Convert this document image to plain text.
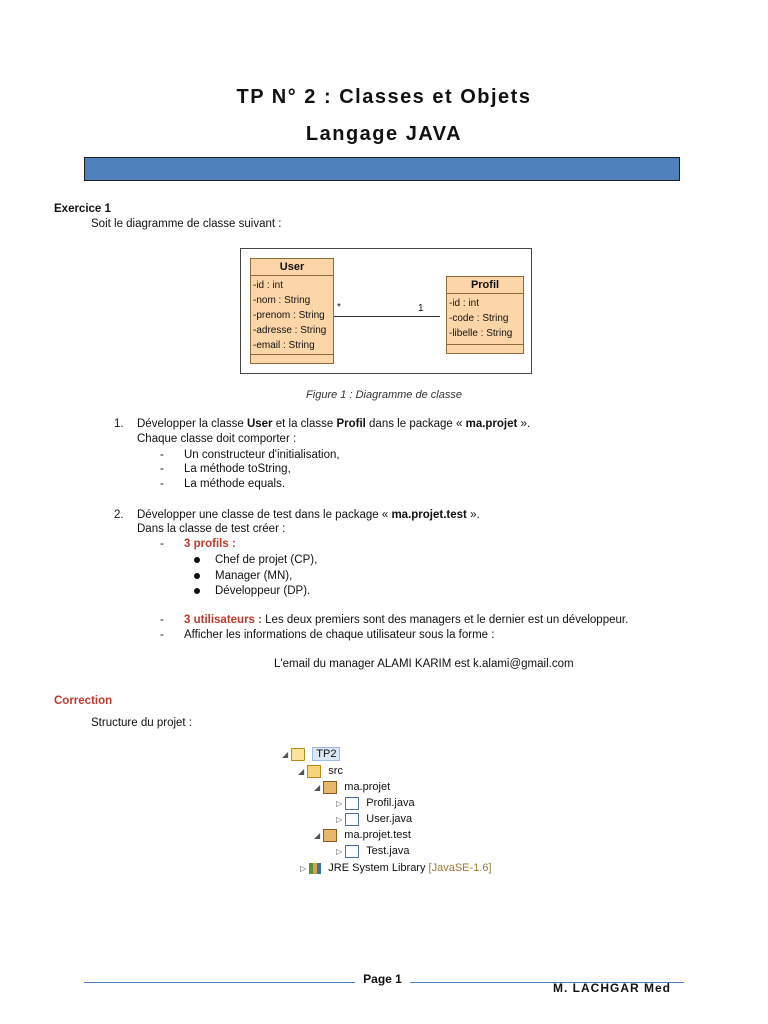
TP N° 2 : Classes et Objets
Langage JAVA
Exercice 1
Soit le diagramme de classe suivant :
User
-id : int
-nom : String
-prenom : String
-adresse : String
-email : String
*	1
Profil
-id : int
-code : String
-libelle : String
Figure 1 : Diagramme de classe
1. Développer la classe User et la classe Profil dans le package « ma.projet ».
Chaque classe doit comporter :
- Un constructeur d'initialisation,
- La méthode toString,
- La méthode equals.
2. Développer une classe de test dans le package « ma.projet.test ».
Dans la classe de test créer :
- 3 profils :
Chef de projet (CP),
Manager (MN),
Développeur (DP).
- 3 utilisateurs : Les deux premiers sont des managers et le dernier est un développeur.
- Afficher les informations de chaque utilisateur sous la forme :
L'email du manager ALAMI KARIM est k.alami@gmail.com
Correction
Structure du projet :
◢	TP2
◢ src
◢ ma.projet
▷ Profil.java
▷ User.java
◢ ma.projet.test
▷ Test.java
▷ JRE System Library [JavaSE-1.6]
Page 1
M. LACHGAR Med
